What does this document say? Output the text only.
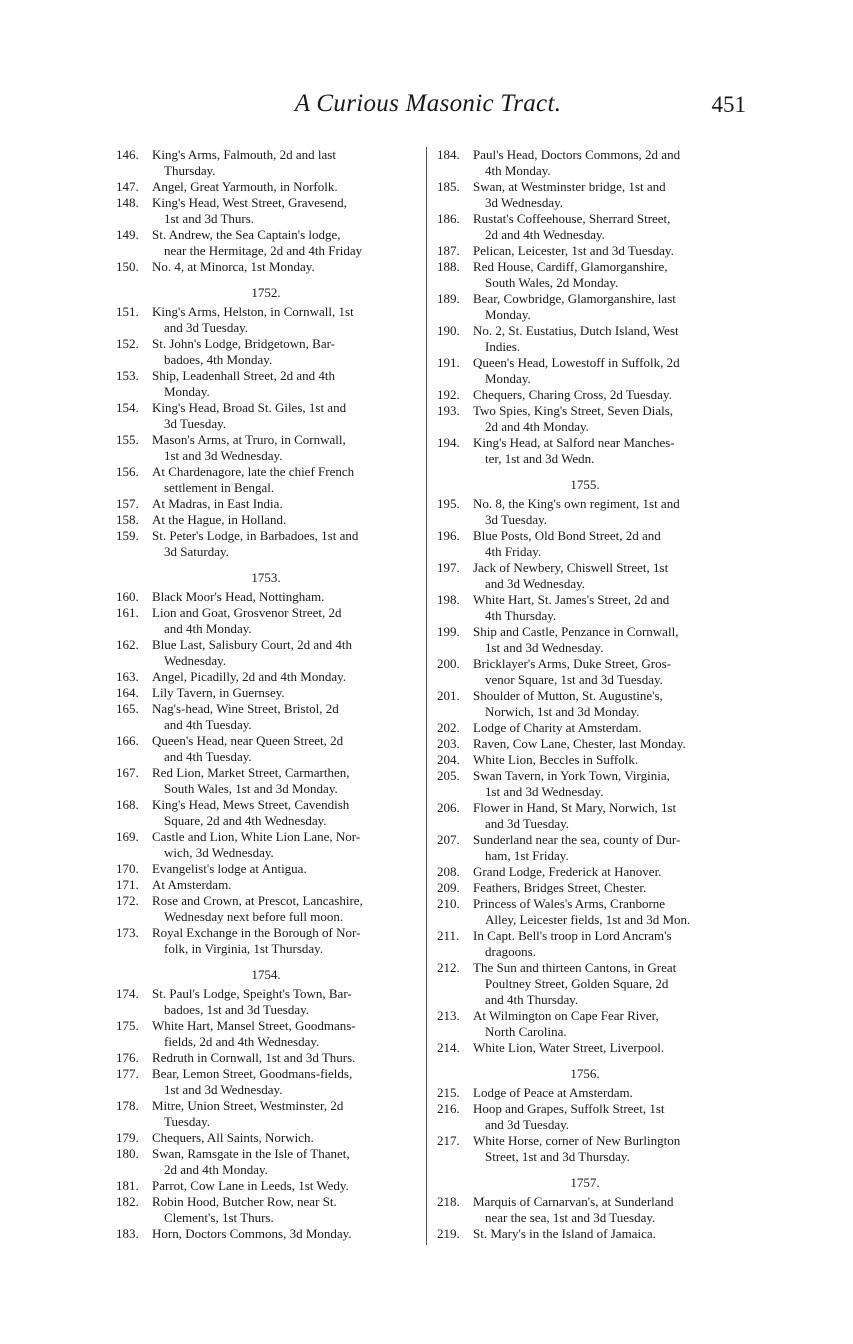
A Curious Masonic Tract.	451
146.	King's Arms, Falmouth, 2d and last
Thursday.
147.	Angel, Great Yarmouth, in Norfolk.
148.	King's Head, West Street, Gravesend,
1st and 3d Thurs.
149.	St. Andrew, the Sea Captain's lodge,
near the Hermitage, 2d and 4th Friday
150.	No. 4, at Minorca, 1st Monday.
1752.
151.	King's Arms, Helston, in Cornwall, 1st
and 3d Tuesday.
152.	St. John's Lodge, Bridgetown, Bar-
badoes, 4th Monday.
153.	Ship, Leadenhall Street, 2d and 4th
Monday.
154.	King's Head, Broad St. Giles, 1st and
3d Tuesday.
155.	Mason's Arms, at Truro, in Cornwall,
1st and 3d Wednesday.
156.	At Chardenagore, late the chief French
settlement in Bengal.
157.	At Madras, in East India.
158.	At the Hague, in Holland.
159.	St. Peter's Lodge, in Barbadoes, 1st and
3d Saturday.
1753.
160.	Black Moor's Head, Nottingham.
161.	Lion and Goat, Grosvenor Street, 2d
and 4th Monday.
162.	Blue Last, Salisbury Court, 2d and 4th
Wednesday.
163.	Angel, Picadilly, 2d and 4th Monday.
164.	Lily Tavern, in Guernsey.
165.	Nag's-head, Wine Street, Bristol, 2d
and 4th Tuesday.
166.	Queen's Head, near Queen Street, 2d
and 4th Tuesday.
167.	Red Lion, Market Street, Carmarthen,
South Wales, 1st and 3d Monday.
168.	King's Head, Mews Street, Cavendish
Square, 2d and 4th Wednesday.
169.	Castle and Lion, White Lion Lane, Nor-
wich, 3d Wednesday.
170.	Evangelist's lodge at Antigua.
171.	At Amsterdam.
172.	Rose and Crown, at Prescot, Lancashire,
Wednesday next before full moon.
173.	Royal Exchange in the Borough of Nor-
folk, in Virginia, 1st Thursday.
1754.
174.	St. Paul's Lodge, Speight's Town, Bar-
badoes, 1st and 3d Tuesday.
175.	White Hart, Mansel Street, Goodmans-
fields, 2d and 4th Wednesday.
176.	Redruth in Cornwall, 1st and 3d Thurs.
177.	Bear, Lemon Street, Goodmans-fields,
1st and 3d Wednesday.
178.	Mitre, Union Street, Westminster, 2d
Tuesday.
179.	Chequers, All Saints, Norwich.
180.	Swan, Ramsgate in the Isle of Thanet,
2d and 4th Monday.
181.	Parrot, Cow Lane in Leeds, 1st Wedy.
182.	Robin Hood, Butcher Row, near St.
Clement's, 1st Thurs.
183.	Horn, Doctors Commons, 3d Monday.
184.	Paul's Head, Doctors Commons, 2d and
4th Monday.
185.	Swan, at Westminster bridge, 1st and
3d Wednesday.
186.	Rustat's Coffeehouse, Sherrard Street,
2d and 4th Wednesday.
187.	Pelican, Leicester, 1st and 3d Tuesday.
188.	Red House, Cardiff, Glamorganshire,
South Wales, 2d Monday.
189.	Bear, Cowbridge, Glamorganshire, last
Monday.
190.	No. 2, St. Eustatius, Dutch Island, West
Indies.
191.	Queen's Head, Lowestoff in Suffolk, 2d
Monday.
192.	Chequers, Charing Cross, 2d Tuesday.
193.	Two Spies, King's Street, Seven Dials,
2d and 4th Monday.
194.	King's Head, at Salford near Manches-
ter, 1st and 3d Wedn.
1755.
195.	No. 8, the King's own regiment, 1st and
3d Tuesday.
196.	Blue Posts, Old Bond Street, 2d and
4th Friday.
197.	Jack of Newbery, Chiswell Street, 1st
and 3d Wednesday.
198.	White Hart, St. James's Street, 2d and
4th Thursday.
199.	Ship and Castle, Penzance in Cornwall,
1st and 3d Wednesday.
200.	Bricklayer's Arms, Duke Street, Gros-
venor Square, 1st and 3d Tuesday.
201.	Shoulder of Mutton, St. Augustine's,
Norwich, 1st and 3d Monday.
202.	Lodge of Charity at Amsterdam.
203.	Raven, Cow Lane, Chester, last Monday.
204.	White Lion, Beccles in Suffolk.
205.	Swan Tavern, in York Town, Virginia,
1st and 3d Wednesday.
206.	Flower in Hand, St Mary, Norwich, 1st
and 3d Tuesday.
207.	Sunderland near the sea, county of Dur-
ham, 1st Friday.
208.	Grand Lodge, Frederick at Hanover.
209.	Feathers, Bridges Street, Chester.
210.	Princess of Wales's Arms, Cranborne
Alley, Leicester fields, 1st and 3d Mon.
211.	In Capt. Bell's troop in Lord Ancram's
dragoons.
212.	The Sun and thirteen Cantons, in Great
Poultney Street, Golden Square, 2d
and 4th Thursday.
213.	At Wilmington on Cape Fear River,
North Carolina.
214.	White Lion, Water Street, Liverpool.
1756.
215.	Lodge of Peace at Amsterdam.
216.	Hoop and Grapes, Suffolk Street, 1st
and 3d Tuesday.
217.	White Horse, corner of New Burlington
Street, 1st and 3d Thursday.
1757.
218.	Marquis of Carnarvan's, at Sunderland
near the sea, 1st and 3d Tuesday.
219.	St. Mary's in the Island of Jamaica.
